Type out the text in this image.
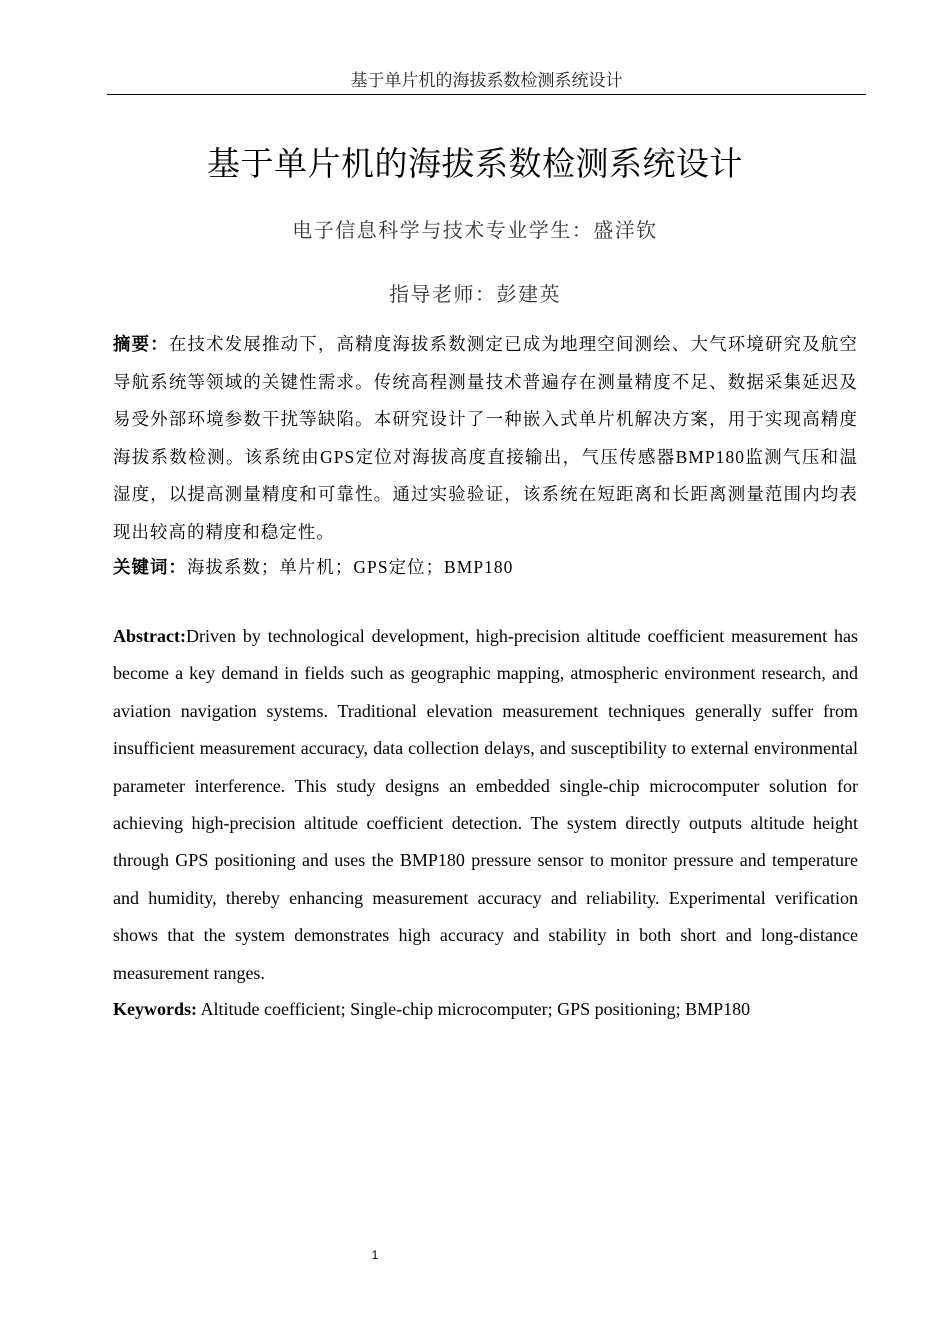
基于单片机的海拔系数检测系统设计
基于单片机的海拔系数检测系统设计
电子信息科学与技术专业学生：盛洋钦
指导老师：彭建英
摘要：在技术发展推动下，高精度海拔系数测定已成为地理空间测绘、大气环境研究及航空导航系统等领域的关键性需求。传统高程测量技术普遍存在测量精度不足、数据采集延迟及易受外部环境参数干扰等缺陷。本研究设计了一种嵌入式单片机解决方案，用于实现高精度海拔系数检测。该系统由GPS定位对海拔高度直接输出，气压传感器BMP180监测气压和温湿度，以提高测量精度和可靠性。通过实验验证，该系统在短距离和长距离测量范围内均表现出较高的精度和稳定性。
关键词：海拔系数；单片机；GPS定位；BMP180
Abstract:Driven by technological development, high-precision altitude coefficient measurement has become a key demand in fields such as geographic mapping, atmospheric environment research, and aviation navigation systems. Traditional elevation measurement techniques generally suffer from insufficient measurement accuracy, data collection delays, and susceptibility to external environmental parameter interference. This study designs an embedded single-chip microcomputer solution for achieving high-precision altitude coefficient detection. The system directly outputs altitude height through GPS positioning and uses the BMP180 pressure sensor to monitor pressure and temperature and humidity, thereby enhancing measurement accuracy and reliability. Experimental verification shows that the system demonstrates high accuracy and stability in both short and long-distance measurement ranges.
Keywords: Altitude coefficient; Single-chip microcomputer; GPS positioning; BMP180
1
